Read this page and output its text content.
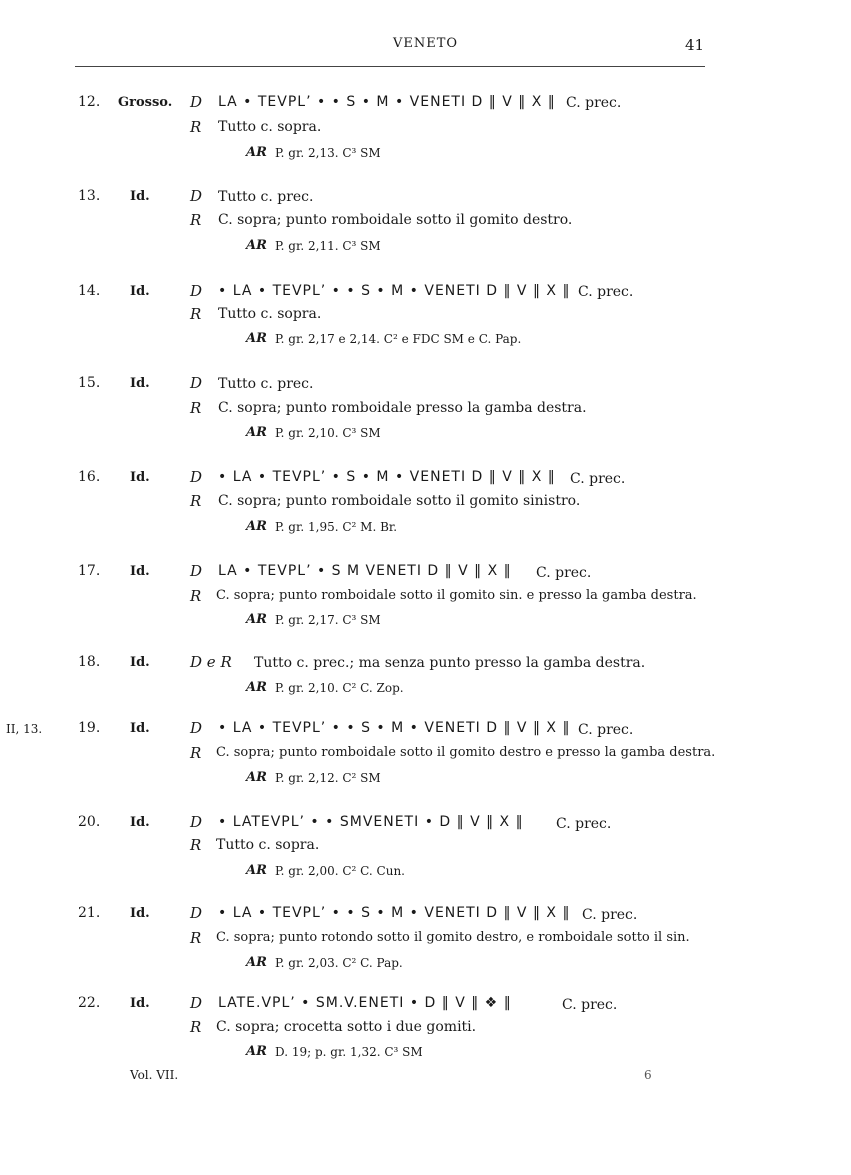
VENETO	41
12. Grosso. D LA • TEVPL’ • • S • M • VENETI D ‖ V ‖ X ‖ C. prec.
R Tutto c. sopra.
AR P. gr. 2,13. C³ SM
13. Id.	D Tutto c. prec.
R C. sopra; punto romboidale sotto il gomito destro.
AR P. gr. 2,11. C³ SM
14. Id.	D • LA • TEVPL’ • • S • M • VENETI D ‖ V ‖ X ‖ C. prec.
R Tutto c. sopra.
AR P. gr. 2,17 e 2,14. C² e FDC SM e C. Pap.
15. Id.	D Tutto c. prec.
R C. sopra; punto romboidale presso la gamba destra.
AR P. gr. 2,10. C³ SM
16. Id.	D • LA • TEVPL’ • S • M • VENETI D ‖ V ‖ X ‖ C. prec.
R C. sopra; punto romboidale sotto il gomito sinistro.
AR P. gr. 1,95. C² M. Br.
17. Id.	D LA • TEVPL’ • S M VENETI D ‖ V ‖ X ‖ C. prec.
R C. sopra; punto romboidale sotto il gomito sin. e presso la gamba destra.
AR P. gr. 2,17. C³ SM
18. Id.	D e R Tutto c. prec.; ma senza punto presso la gamba destra.
AR P. gr. 2,10. C² C. Zop.
II, 13.	19. Id.	D • LA • TEVPL’ • • S • M • VENETI D ‖ V ‖ X ‖ C. prec.
R C. sopra; punto romboidale sotto il gomito destro e presso la gamba destra.
AR P. gr. 2,12. C² SM
20. Id.	D • LATEVPL’ • • SMVENETI • D ‖ V ‖ X ‖ C. prec.
R Tutto c. sopra.
AR P. gr. 2,00. C² C. Cun.
21. Id.	D • LA • TEVPL’ • • S • M • VENETI D ‖ V ‖ X ‖ C. prec.
R C. sopra; punto rotondo sotto il gomito destro, e romboidale sotto il sin.
AR P. gr. 2,03. C² C. Pap.
22. Id.	D LATE.VPL’ • SM.V.ENETI • D ‖ V ‖ ❖ ‖	C. prec.
R C. sopra; crocetta sotto i due gomiti.
AR D. 19; p. gr. 1,32. C³ SM
Vol. VII.	6
